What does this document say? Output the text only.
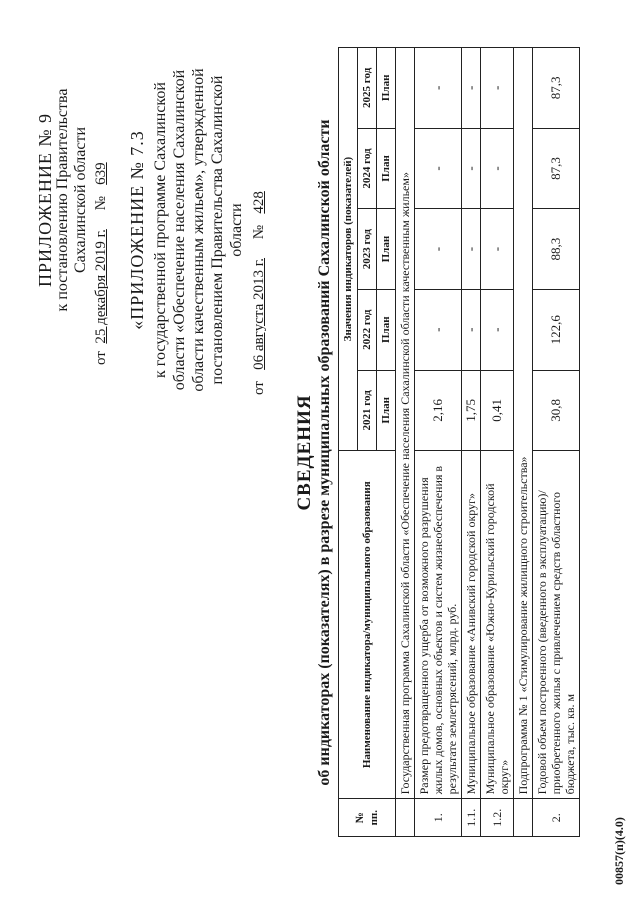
ПРИЛОЖЕНИЕ № 9 к постановлению Правительства Сахалинской области
от  25 декабря 2019 г.     №   639 «ПРИЛОЖЕНИЕ № 7.3 к государственной программе Сахалинской области «Обеспечение населения Сахалинской области качественным жильем», утвержденной постановлением Правительства Сахалинской области
от   06 августа 2013 г.     №   428
СВЕДЕНИЯ об индикаторах (показателях) в разрезе муниципальных образований Сахалинской области
№ пп.	Наименование индикатора/муниципального образования	Значения индикаторов (показателей)				
		2021 год	2022 год	2023 год	2024 год	2025 год
		План	План	План	План	План
	Государственная программа Сахалинской области «Обеспечение населения Сахалинской области качественным жильем»					
1.	Размер предотвращенного ущерба от возможного разрушения жилых домов, основных объектов и систем жизнеобеспечения в результате землетрясений, млрд. руб.	2,16	-	-	-	-
1.1.	Муниципальное образование «Анивский городской округ»	1,75	-	-	-	-
1.2.	Муниципальное образование «Южно-Курильский городской округ»	0,41	-	-	-	-
	Подпрограмма № 1 «Стимулирование жилищного строительства»					
2.	Годовой объем построенного (введенного в эксплуатацию)/приобретенного жилья с привлечением средств областного бюджета, тыс. кв. м	30,8	122,6	88,3	87,3	87,3
00857(п)(4.0)
